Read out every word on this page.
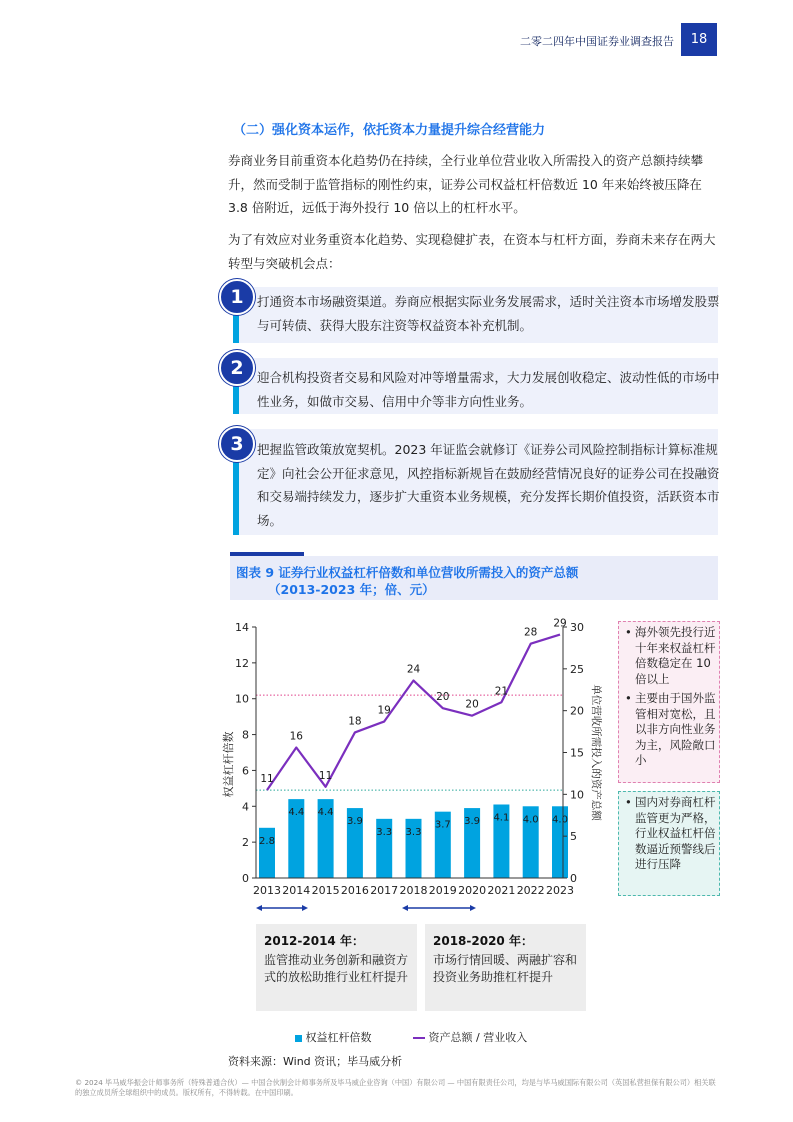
二零二四年中国证券业调查报告	18
（二）强化资本运作，依托资本力量提升综合经营能力
券商业务目前重资本化趋势仍在持续，全行业单位营业收入所需投入的资产总额持续攀升，然而受制于监管指标的刚性约束，证券公司权益杠杆倍数近 10 年来始终被压降在 3.8 倍附近，远低于海外投行 10 倍以上的杠杆水平。
为了有效应对业务重资本化趋势、实现稳健扩表，在资本与杠杆方面，券商未来存在两大转型与突破机会点：
1	打通资本市场融资渠道。券商应根据实际业务发展需求，适时关注资本市场增发股票与可转债、获得大股东注资等权益资本补充机制。
2	迎合机构投资者交易和风险对冲等增量需求，大力发展创收稳定、波动性低的市场中性业务，如做市交易、信用中介等非方向性业务。
3	把握监管政策放宽契机。2023 年证监会就修订《证券公司风险控制指标计算标准规定》向社会公开征求意见，风控指标新规旨在鼓励经营情况良好的证券公司在投融资和交易端持续发力，逐步扩大重资本业务规模，充分发挥长期价值投资，活跃资本市场。
图表 9 证券行业权益杠杆倍数和单位营收所需投入的资产总额
（2013-2023 年；倍、元）
2.8
4.4 4.4
3.9
3.3 3.3
3.7 3.9 4.1 4.0 4.0
11
16
11
18
19
24
20
20
21
28
29
0
2
4
6
8
10
12
14
0
5
10
15
20
25
30
2013 2014 2015 2016 2017 2018 2019 2020 2021 2022 2023
权益杠杆倍数	单位营收所需投入的资产总额
• 海外领先投行近十年来权益杠杆倍数稳定在 10 倍以上
• 主要由于国外监管相对宽松，且以非方向性业务为主，风险敞口小
• 国内对券商杠杆监管更为严格，行业权益杠杆倍数逼近预警线后进行压降
2012-2014 年：
监管推动业务创新和融资方式的放松助推行业杠杆提升
2018-2020 年：
市场行情回暖、两融扩容和投资业务助推杠杆提升
权益杠杆倍数	资产总额 / 营业收入
资料来源：Wind 资讯；毕马威分析
© 2024 毕马威华振会计师事务所（特殊普通合伙）— 中国合伙制会计师事务所及毕马威企业咨询（中国）有限公司 — 中国有限责任公司，均是与毕马威国际有限公司（英国私营担保有限公司）相关联的独立成员所全球组织中的成员。版权所有，不得转载。在中国印刷。
